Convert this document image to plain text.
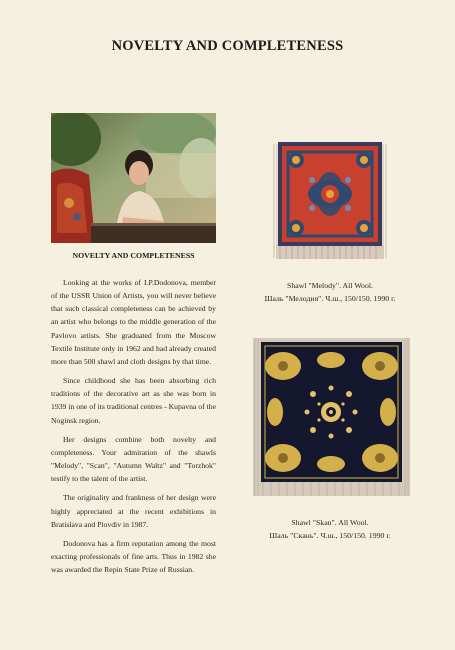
NOVELTY AND COMPLETENESS
NOVELTY AND COMPLETENESS

Looking at the works of I.P.Dodonova, member of the USSR Union of Artists, you will never believe that such classical completeness can be achieved by an artist who belongs to the middle generation of the Pavlovo artists. She graduated from the Moscow Textile Institute only in 1962 and had already created more than 500 shawl and cloth designs by that time.

Since childhood she has been absorbing rich traditions of the decorative art as she was born in 1939 in one of its traditional centres - Kupavna of the Noginsk region.

Her designs combine both novelty and completeness. Your admiration of the shawls "Melody", "Scan", "Autumn Waltz" and "Torzhok" testify to the talent of the artist.

The originality and frankness of her design were highly appreciated at the recent exhibitions in Bratislava and Plovdiv in 1987.

Dodonova has a firm reputation among the most exacting professionals of fine arts. Thus in 1982 she was awarded the Repin State Prize of Russian.

Shawl "Melody". All Wool.
Шаль "Мелодия". Ч.ш., 150/150. 1990 г.
Shawl "Skan". All Wool.
Шаль "Скань". Ч.ш., 150/150. 1990 г.
